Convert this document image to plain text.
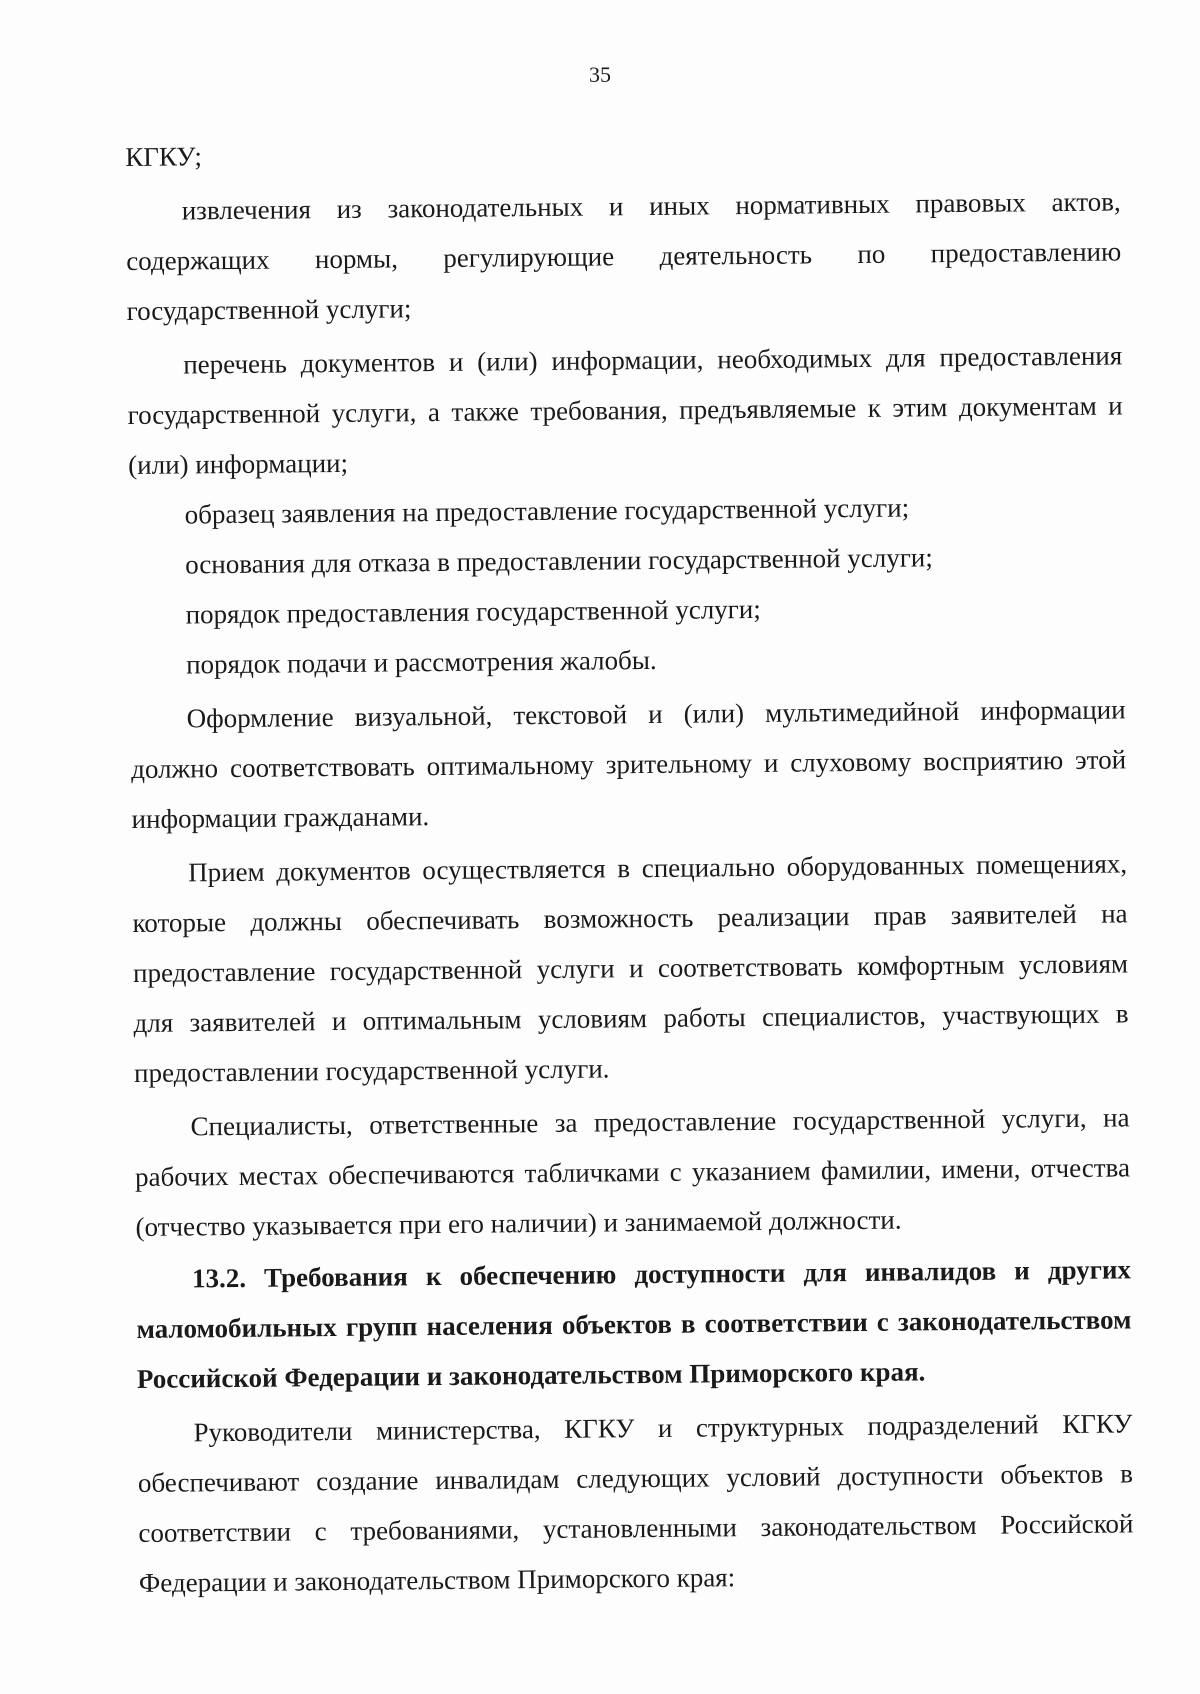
35

КГКУ;

извлечения из законодательных и иных нормативных правовых актов, содержащих нормы, регулирующие деятельность по предоставлению государственной услуги;

перечень документов и (или) информации, необходимых для предоставления государственной услуги, а также требования, предъявляемые к этим документам и (или) информации;

образец заявления на предоставление государственной услуги;

основания для отказа в предоставлении государственной услуги;

порядок предоставления государственной услуги;

порядок подачи и рассмотрения жалобы.

Оформление визуальной, текстовой и (или) мультимедийной информации должно соответствовать оптимальному зрительному и слуховому восприятию этой информации гражданами.

Прием документов осуществляется в специально оборудованных помещениях, которые должны обеспечивать возможность реализации прав заявителей на предоставление государственной услуги и соответствовать комфортным условиям для заявителей и оптимальным условиям работы специалистов, участвующих в предоставлении государственной услуги.

Специалисты, ответственные за предоставление государственной услуги, на рабочих местах обеспечиваются табличками с указанием фамилии, имени, отчества (отчество указывается при его наличии) и занимаемой должности.

13.2. Требования к обеспечению доступности для инвалидов и других маломобильных групп населения объектов в соответствии с законодательством Российской Федерации и законодательством Приморского края.

Руководители министерства, КГКУ и структурных подразделений КГКУ обеспечивают создание инвалидам следующих условий доступности объектов в соответствии с требованиями, установленными законодательством Российской Федерации и законодательством Приморского края:
